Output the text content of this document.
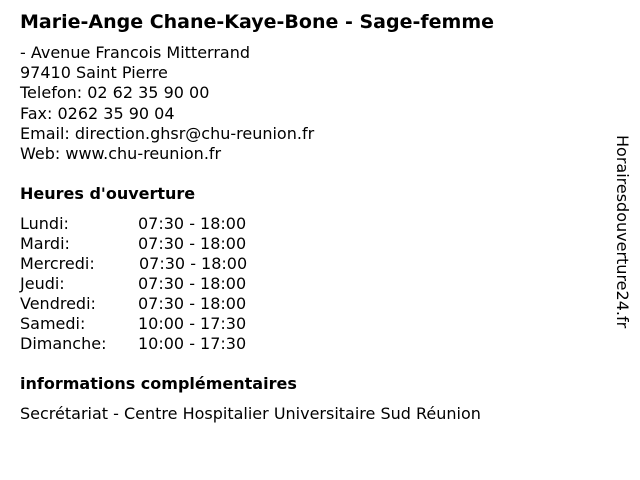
Marie-Ange Chane-Kaye-Bone - Sage-femme
- Avenue Francois Mitterrand
97410 Saint Pierre
Telefon: 02 62 35 90 00
Fax: 0262 35 90 04
Email: direction.ghsr@chu-reunion.fr
Web: www.chu-reunion.fr
Heures d'ouverture
Lundi:	07:30 - 18:00
Mardi:	07:30 - 18:00
Mercredi:	07:30 - 18:00
Jeudi:	07:30 - 18:00
Vendredi:	07:30 - 18:00
Samedi:	10:00 - 17:30
Dimanche: 10:00 - 17:30
informations complémentaires
Secrétariat - Centre Hospitalier Universitaire Sud Réunion
Horairesdouverture24.fr
